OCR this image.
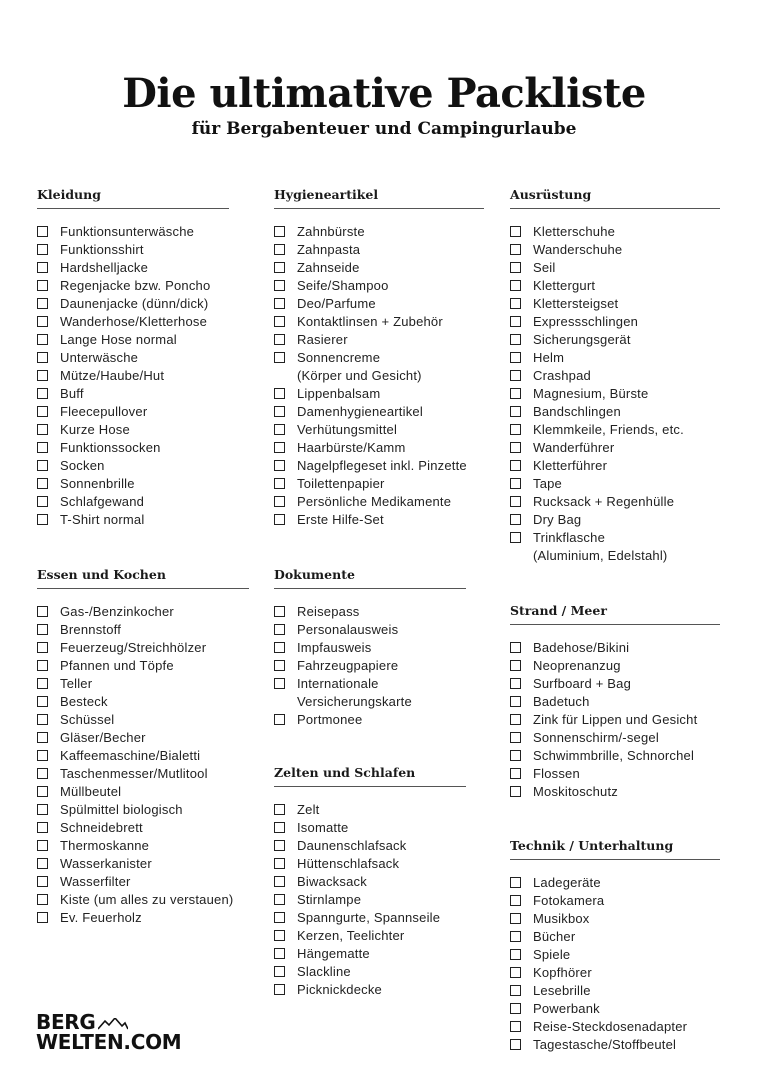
Die ultimative Packliste
für Bergabenteuer und Campingurlaube
Kleidung
Funktionsunterwäsche
Funktionsshirt
Hardshelljacke
Regenjacke bzw. Poncho
Daunenjacke (dünn/dick)
Wanderhose/Kletterhose
Lange Hose normal
Unterwäsche
Mütze/Haube/Hut
Buff
Fleecepullover
Kurze Hose
Funktionssocken
Socken
Sonnenbrille
Schlafgewand
T-Shirt normal
Hygieneartikel
Zahnbürste
Zahnpasta
Zahnseide
Seife/Shampoo
Deo/Parfume
Kontaktlinsen + Zubehör
Rasierer
Sonnencreme
(Körper und Gesicht)
Lippenbalsam
Damenhygieneartikel
Verhütungsmittel
Haarbürste/Kamm
Nagelpflegeset inkl. Pinzette
Toilettenpapier
Persönliche Medikamente
Erste Hilfe-Set
Ausrüstung
Kletterschuhe
Wanderschuhe
Seil
Klettergurt
Klettersteigset
Expressschlingen
Sicherungsgerät
Helm
Crashpad
Magnesium, Bürste
Bandschlingen
Klemmkeile, Friends, etc.
Wanderführer
Kletterführer
Tape
Rucksack + Regenhülle
Dry Bag
Trinkflasche
(Aluminium, Edelstahl)
Essen und Kochen
Gas-/Benzinkocher
Brennstoff
Feuerzeug/Streichhölzer
Pfannen und Töpfe
Teller
Besteck
Schüssel
Gläser/Becher
Kaffeemaschine/Bialetti
Taschenmesser/Mutlitool
Müllbeutel
Spülmittel biologisch
Schneidebrett
Thermoskanne
Wasserkanister
Wasserfilter
Kiste (um alles zu verstauen)
Ev. Feuerholz
Dokumente
Reisepass
Personalausweis
Impfausweis
Fahrzeugpapiere
Internationale
Versicherungskarte
Portmonee
Strand / Meer
Badehose/Bikini
Neoprenanzug
Surfboard + Bag
Badetuch
Zink für Lippen und Gesicht
Sonnenschirm/-segel
Schwimmbrille, Schnorchel
Flossen
Moskitoschutz
Zelten und Schlafen
Zelt
Isomatte
Daunenschlafsack
Hüttenschlafsack
Biwacksack
Stirnlampe
Spanngurte, Spannseile
Kerzen, Teelichter
Hängematte
Slackline
Picknickdecke
Technik / Unterhaltung
Ladegeräte
Fotokamera
Musikbox
Bücher
Spiele
Kopfhörer
Lesebrille
Powerbank
Reise-Steckdosenadapter
Tagestasche/Stoffbeutel
BERG
WELTEN.COM
